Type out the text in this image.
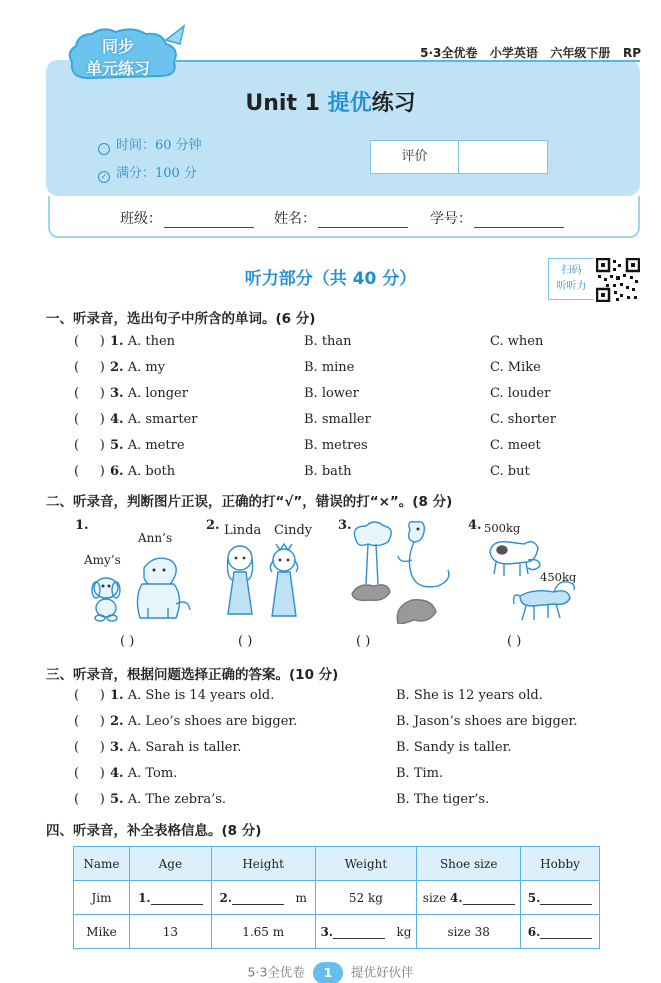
5·3全优卷   小学英语   六年级下册   RP
同步
单元练习
Unit 1 提优练习
· 时间：60 分钟
✓ 满分：100 分
评价
班级：	姓名：	学号：
听力部分（共 40 分）	扫码
听听力
一、听录音，选出句子中所含的单词。(6 分)
(     ) 1. A. then	B. than	C. when
(     ) 2. A. my	B. mine	C. Mike
(     ) 3. A. longer	B. lower	C. louder
(     ) 4. A. smarter	B. smaller	C. shorter
(     ) 5. A. metre	B. metres	C. meet
(     ) 6. A. both	B. bath	C. but
二、听录音，判断图片正误，正确的打“√”，错误的打“×”。(8 分)
1.
Ann’s
Amy’s
2. Linda Cindy 3.	4. 500kg
450kg
( )	( )	( )	( )
三、听录音，根据问题选择正确的答案。(10 分)
(     ) 1. A. She is 14 years old.	B. She is 12 years old.
(     ) 2. A. Leo’s shoes are bigger.	B. Jason’s shoes are bigger.
(     ) 3. A. Sarah is taller.	B. Sandy is taller.
(     ) 4. A. Tom.	B. Tim.
(     ) 5. A. The zebra’s.	B. The tiger’s.
四、听录音，补全表格信息。(8 分)
Name	Age	Height	Weight	Shoe size	Hobby
Jim	1.	2. m	52 kg	size 4.	5.
Mike	13	1.65 m	3. kg	size 38	6.
5·3全优卷 1 提优好伙伴
